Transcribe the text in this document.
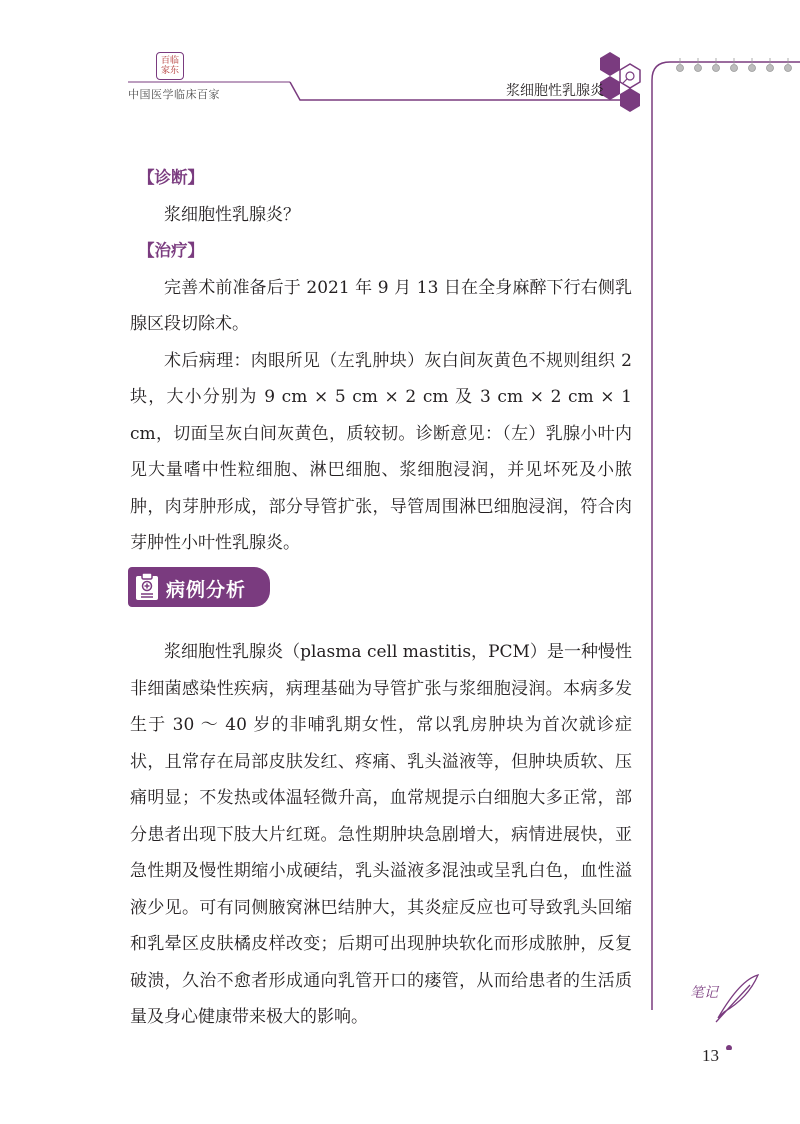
百临家东
中国医学临床百家	浆细胞性乳腺炎
笔记
13
【诊断】
浆细胞性乳腺炎？
【治疗】

完善术前准备后于 2021 年 9 月 13 日在全身麻醉下行右侧乳腺区段切除术。

术后病理：肉眼所见（左乳肿块）灰白间灰黄色不规则组织 2 块，大小分别为 9 cm × 5 cm × 2 cm 及 3 cm × 2 cm × 1 cm，切面呈灰白间灰黄色，质较韧。诊断意见：（左）乳腺小叶内见大量嗜中性粒细胞、淋巴细胞、浆细胞浸润，并见坏死及小脓肿，肉芽肿形成，部分导管扩张，导管周围淋巴细胞浸润，符合肉芽肿性小叶性乳腺炎。

病例分析

浆细胞性乳腺炎（plasma cell mastitis，PCM）是一种慢性非细菌感染性疾病，病理基础为导管扩张与浆细胞浸润。本病多发生于 30 ～ 40 岁的非哺乳期女性，常以乳房肿块为首次就诊症状，且常存在局部皮肤发红、疼痛、乳头溢液等，但肿块质软、压痛明显；不发热或体温轻微升高，血常规提示白细胞大多正常，部分患者出现下肢大片红斑。急性期肿块急剧增大，病情进展快，亚急性期及慢性期缩小成硬结，乳头溢液多混浊或呈乳白色，血性溢液少见。可有同侧腋窝淋巴结肿大，其炎症反应也可导致乳头回缩和乳晕区皮肤橘皮样改变；后期可出现肿块软化而形成脓肿，反复破溃，久治不愈者形成通向乳管开口的瘘管，从而给患者的生活质量及身心健康带来极大的影响。
